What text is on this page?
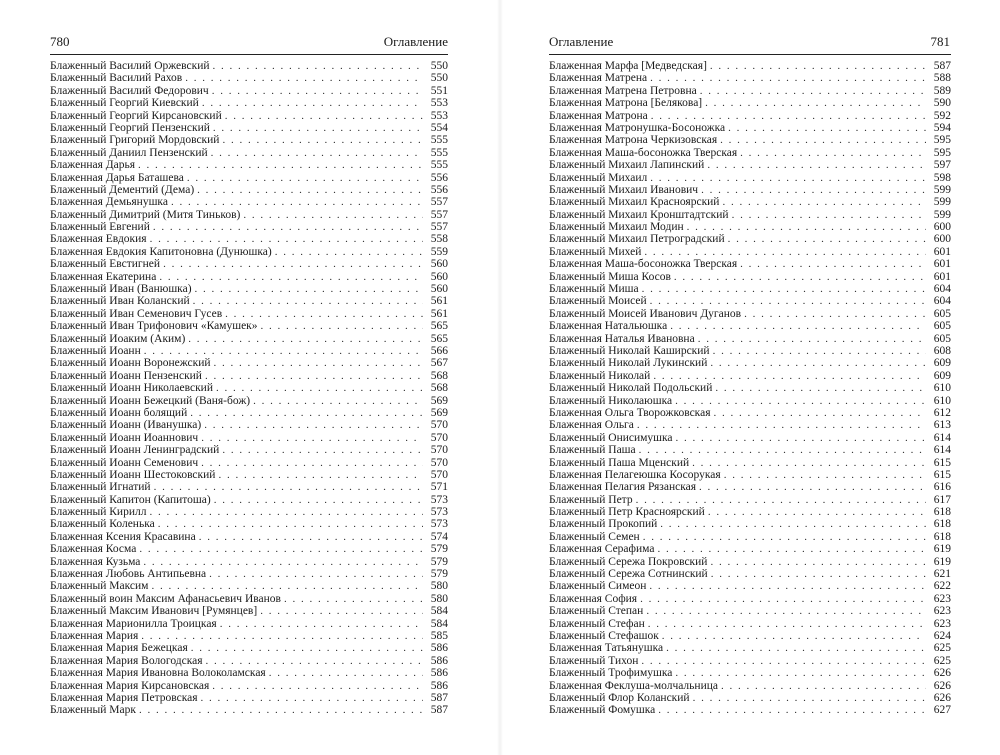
780	Оглавление
Блаженный Василий Оржевский . . .	550
Блаженный Василий Рахов . . .	550
Блаженный Василий Федорович . . .	551
Блаженный Георгий Киевский . . .	553
Блаженный Георгий Кирсановский . . .	553
Блаженный Георгий Пензенский . . .	554
Блаженный Григорий Мордовский . . .	555
Блаженный Даниил Пензенский . . .	555
Блаженная Дарья . . .	555
Блаженная Дарья Баташева . . .	556
Блаженный Дементий (Дема) . . .	556
Блаженная Демьянушка . . .	557
Блаженный Димитрий (Митя Тиньков) . . .	557
Блаженный Евгений . . .	557
Блаженная Евдокия . . .	558
Блаженная Евдокия Капитоновна (Дунюшка) . . .	559
Блаженный Евстигней . . .	560
Блаженная Екатерина . . .	560
Блаженный Иван (Ванюшка) . . .	560
Блаженный Иван Коланский . . .	561
Блаженный Иван Семенович Гусев . . .	561
Блаженный Иван Трифонович «Камушек» . . .	565
Блаженный Иоаким (Аким) . . .	565
Блаженный Иоанн . . .	566
Блаженный Иоанн Воронежский . . .	567
Блаженный Иоанн Пензенский . . .	568
Блаженный Иоанн Николаевский . . .	568
Блаженный Иоанн Бежецкий (Ваня-бож) . . .	569
Блаженный Иоанн болящий . . .	569
Блаженный Иоанн (Иванушка) . . .	570
Блаженный Иоанн Иоаннович . . .	570
Блаженный Иоанн Ленинградский . . .	570
Блаженный Иоанн Семенович . . .	570
Блаженный Иоанн Шестоковский . . .	570
Блаженный Игнатий . . .	571
Блаженный Капитон (Капитоша) . . .	573
Блаженный Кирилл . . .	573
Блаженный Коленька . . .	573
Блаженная Ксения Красавина . . .	574
Блаженная Косма . . .	579
Блаженная Кузьма . . .	579
Блаженная Любовь Антипьевна . . .	579
Блаженный Максим . . .	580
Блаженный воин Максим Афанасьевич Иванов . . .	580
Блаженный Максим Иванович [Румянцев] . . .	584
Блаженная Марионилла Троицкая . . .	584
Блаженная Мария . . .	585
Блаженная Мария Бежецкая . . .	586
Блаженная Мария Вологодская . . .	586
Блаженная Мария Ивановна Волоколамская . . .	586
Блаженная Мария Кирсановская . . .	586
Блаженная Мария Петровская . . .	587
Блаженный Марк . . .	587
Оглавление	781
Блаженная Марфа [Медведская] . . .	587
Блаженная Матрена . . .	588
Блаженная Матрена Петровна . . .	589
Блаженная Матрона [Белякова] . . .	590
Блаженная Матрона . . .	592
Блаженная Матронушка-Босоножка . . .	594
Блаженная Матрона Черкизовская . . .	595
Блаженная Маша-босоножка Тверская . . .	595
Блаженный Михаил Лапинский . . .	597
Блаженный Михаил . . .	598
Блаженный Михаил Иванович . . .	599
Блаженный Михаил Красноярский . . .	599
Блаженный Михаил Кронштадтский . . .	599
Блаженный Михаил Модин . . .	600
Блаженный Михаил Петроградский . . .	600
Блаженный Михей . . .	601
Блаженная Маша-босоножка Тверская . . .	601
Блаженный Миша Косов . . .	601
Блаженный Миша . . .	604
Блаженный Моисей . . .	604
Блаженный Моисей Иванович Дуганов . . .	605
Блаженная Натальюшка . . .	605
Блаженная Наталья Ивановна . . .	605
Блаженный Николай Каширский . . .	608
Блаженный Николай Лукинский . . .	609
Блаженный Николай . . .	609
Блаженный Николай Подольский . . .	610
Блаженный Николаюшка . . .	610
Блаженная Ольга Творожковская . . .	612
Блаженная Ольга . . .	613
Блаженный Онисимушка . . .	614
Блаженный Паша . . .	614
Блаженный Паша Мценский . . .	615
Блаженная Пелагеюшка Косорукая . . .	615
Блаженная Пелагия Рязанская . . .	616
Блаженный Петр . . .	617
Блаженный Петр Красноярский . . .	618
Блаженный Прокопий . . .	618
Блаженный Семен . . .	618
Блаженная Серафима . . .	619
Блаженный Сережа Покровский . . .	619
Блаженный Сережа Сотнинский . . .	621
Блаженный Симеон . . .	622
Блаженная София . . .	623
Блаженный Степан . . .	623
Блаженный Стефан . . .	623
Блаженный Стефашок . . .	624
Блаженная Татьянушка . . .	625
Блаженный Тихон . . .	625
Блаженный Трофимушка . . .	626
Блаженная Феклуша-молчальница . . .	626
Блаженный Флор Коланский . . .	626
Блаженный Фомушка . . .	627
